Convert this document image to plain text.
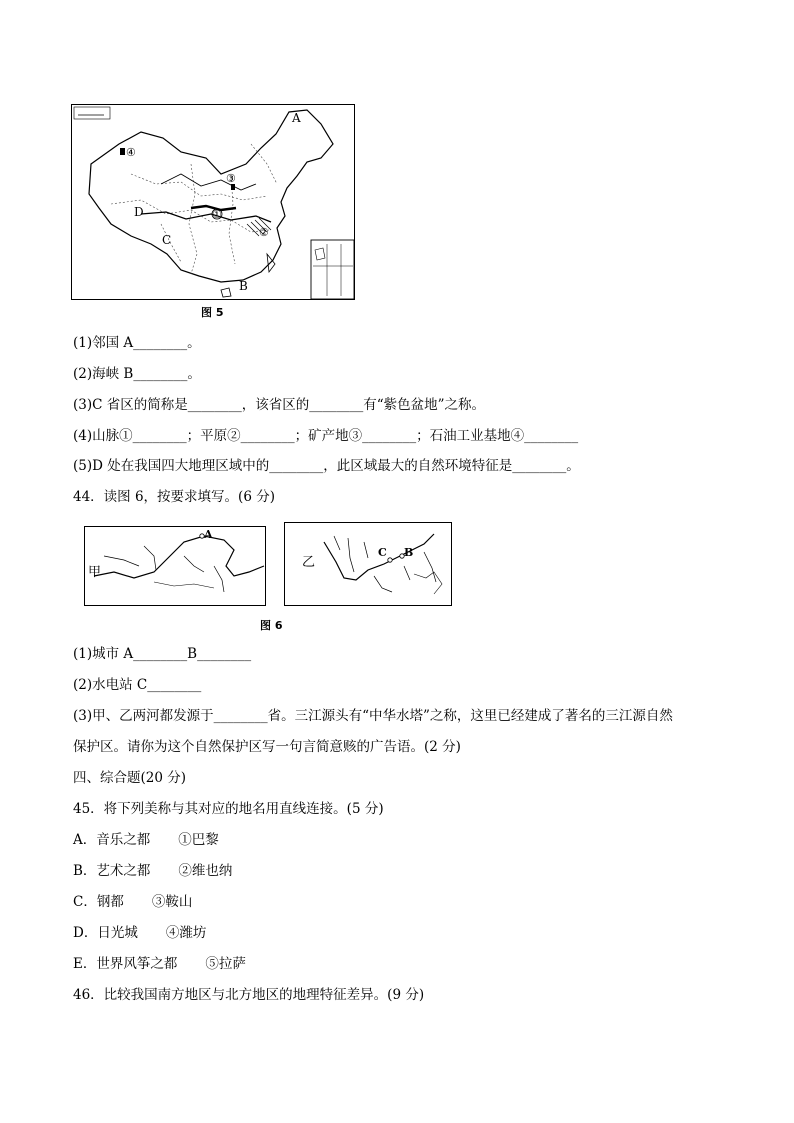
A
B
C
D	①
②
③
④
图 5
(1)邻国 A________。
(2)海峡 B________。
(3)C 省区的简称是________，该省区的________有“紫色盆地”之称。
(4)山脉①________；平原②________；矿产地③________；石油工业基地④________
(5)D 处在我国四大地理区域中的________，此区域最大的自然环境特征是________。
44．读图 6，按要求填写。(6 分)
A
甲
C B
乙
图 6
(1)城市 A________B________
(2)水电站 C________
(3)甲、乙两河都发源于________省。三江源头有“中华水塔”之称，这里已经建成了著名的三江源自然
保护区。请你为这个自然保护区写一句言简意赅的广告语。(2 分)
四、综合题(20 分)
45．将下列美称与其对应的地名用直线连接。(5 分)
A．音乐之都 ①巴黎
B．艺术之都 ②维也纳
C．钢都 ③鞍山
D．日光城 ④潍坊
E．世界风筝之都 ⑤拉萨
46．比较我国南方地区与北方地区的地理特征差异。(9 分)
